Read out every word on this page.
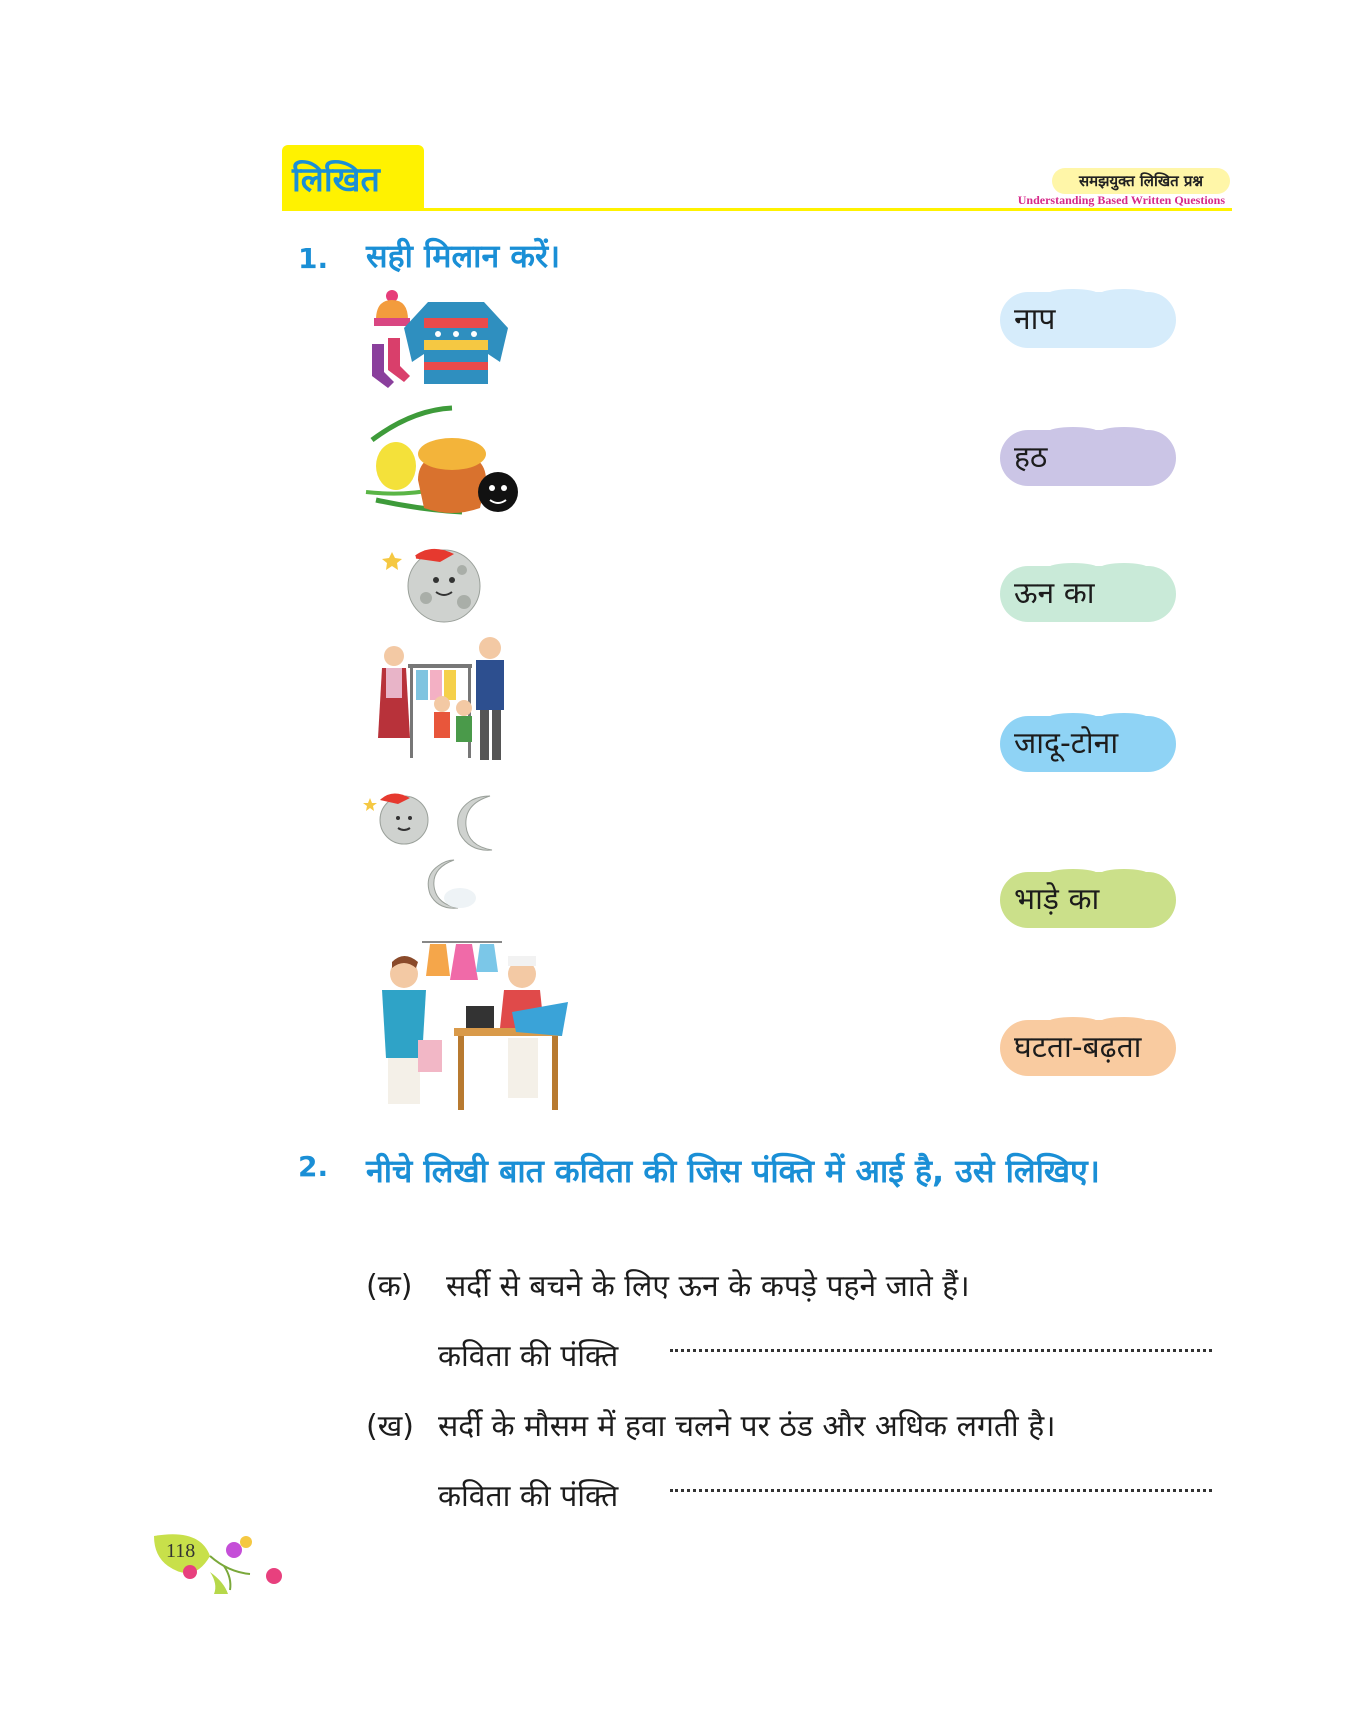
लिखित	समझयुक्त लिखित प्रश्न
Understanding Based Written Questions
1. सही मिलान करें।
नाप
हठ
ऊन का
जादू-टोना
भाड़े का
घटता-बढ़ता
2. नीचे लिखी बात कविता की जिस पंक्ति में आई है, उसे लिखिए।
(क) सर्दी से बचने के लिए ऊन के कपड़े पहने जाते हैं।
कविता की पंक्ति
(ख) सर्दी के मौसम में हवा चलने पर ठंड और अधिक लगती है।
कविता की पंक्ति
118
